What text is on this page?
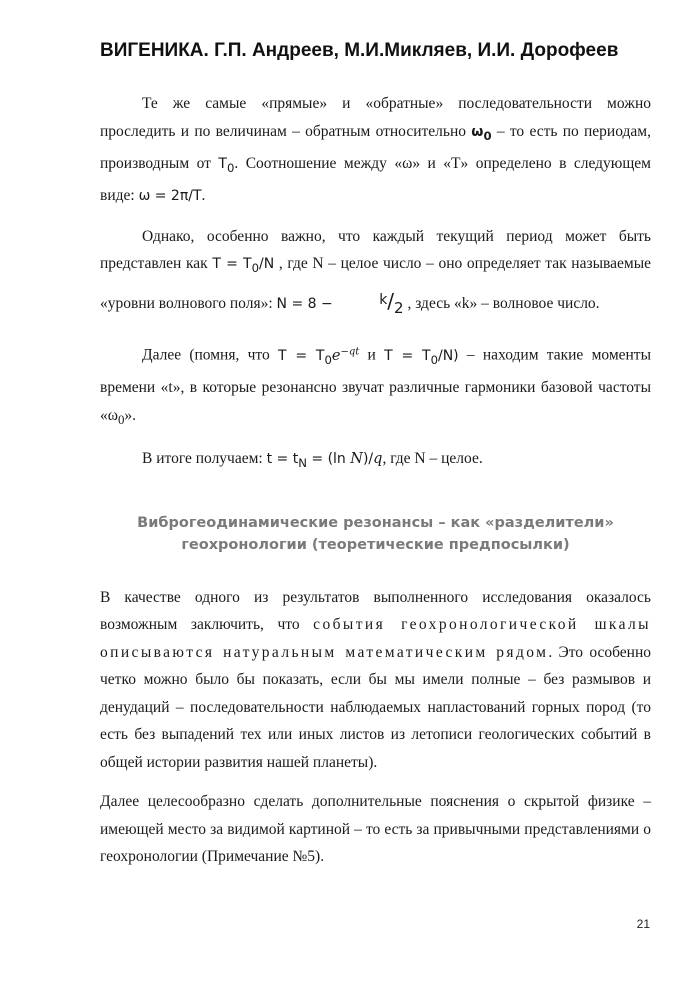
ВИГЕНИКА. Г.П. Андреев, М.И.Микляев, И.И. Дорофеев

Те же самые «прямые» и «обратные» последовательности можно проследить и по величинам – обратным относительно $\omega_0$ – то есть по периодам, производным от $T_0$. Соотношение между «ω» и «T» определено в следующем виде: ω = 2π/T.

Однако, особенно важно, что каждый текущий период может быть представлен как $T = T_0/N$ , где N – целое число – оно определяет так называемые «уровни волнового поля»: N = 8 −	k/2 , здесь «k» – волновое число.

Далее (помня, что $T = T_0e^{-qt}$ и $T = T_0/N$) – находим такие моменты времени «t», в которые резонансно звучат различные гармоники базовой частоты «$\omega_0$».

В итоге получаем: $t = t_N = (\ln$ N)/q, где N – целое.

Виброгеодинамические резонансы – как «разделители»
геохронологии (теоретические предпосылки)

В качестве одного из результатов выполненного исследования оказалось возможным заключить, что события геохронологической шкалы описываются натуральным математическим рядом. Это особенно четко можно было бы показать, если бы мы имели полные – без размывов и денудаций – последовательности наблюдаемых напластований горных пород (то есть без выпадений тех или иных листов из летописи геологических событий в общей истории развития нашей планеты).

Далее целесообразно сделать дополнительные пояснения о скрытой физике – имеющей место за видимой картиной – то есть за привычными представлениями о геохронологии (Примечание №5).

21
